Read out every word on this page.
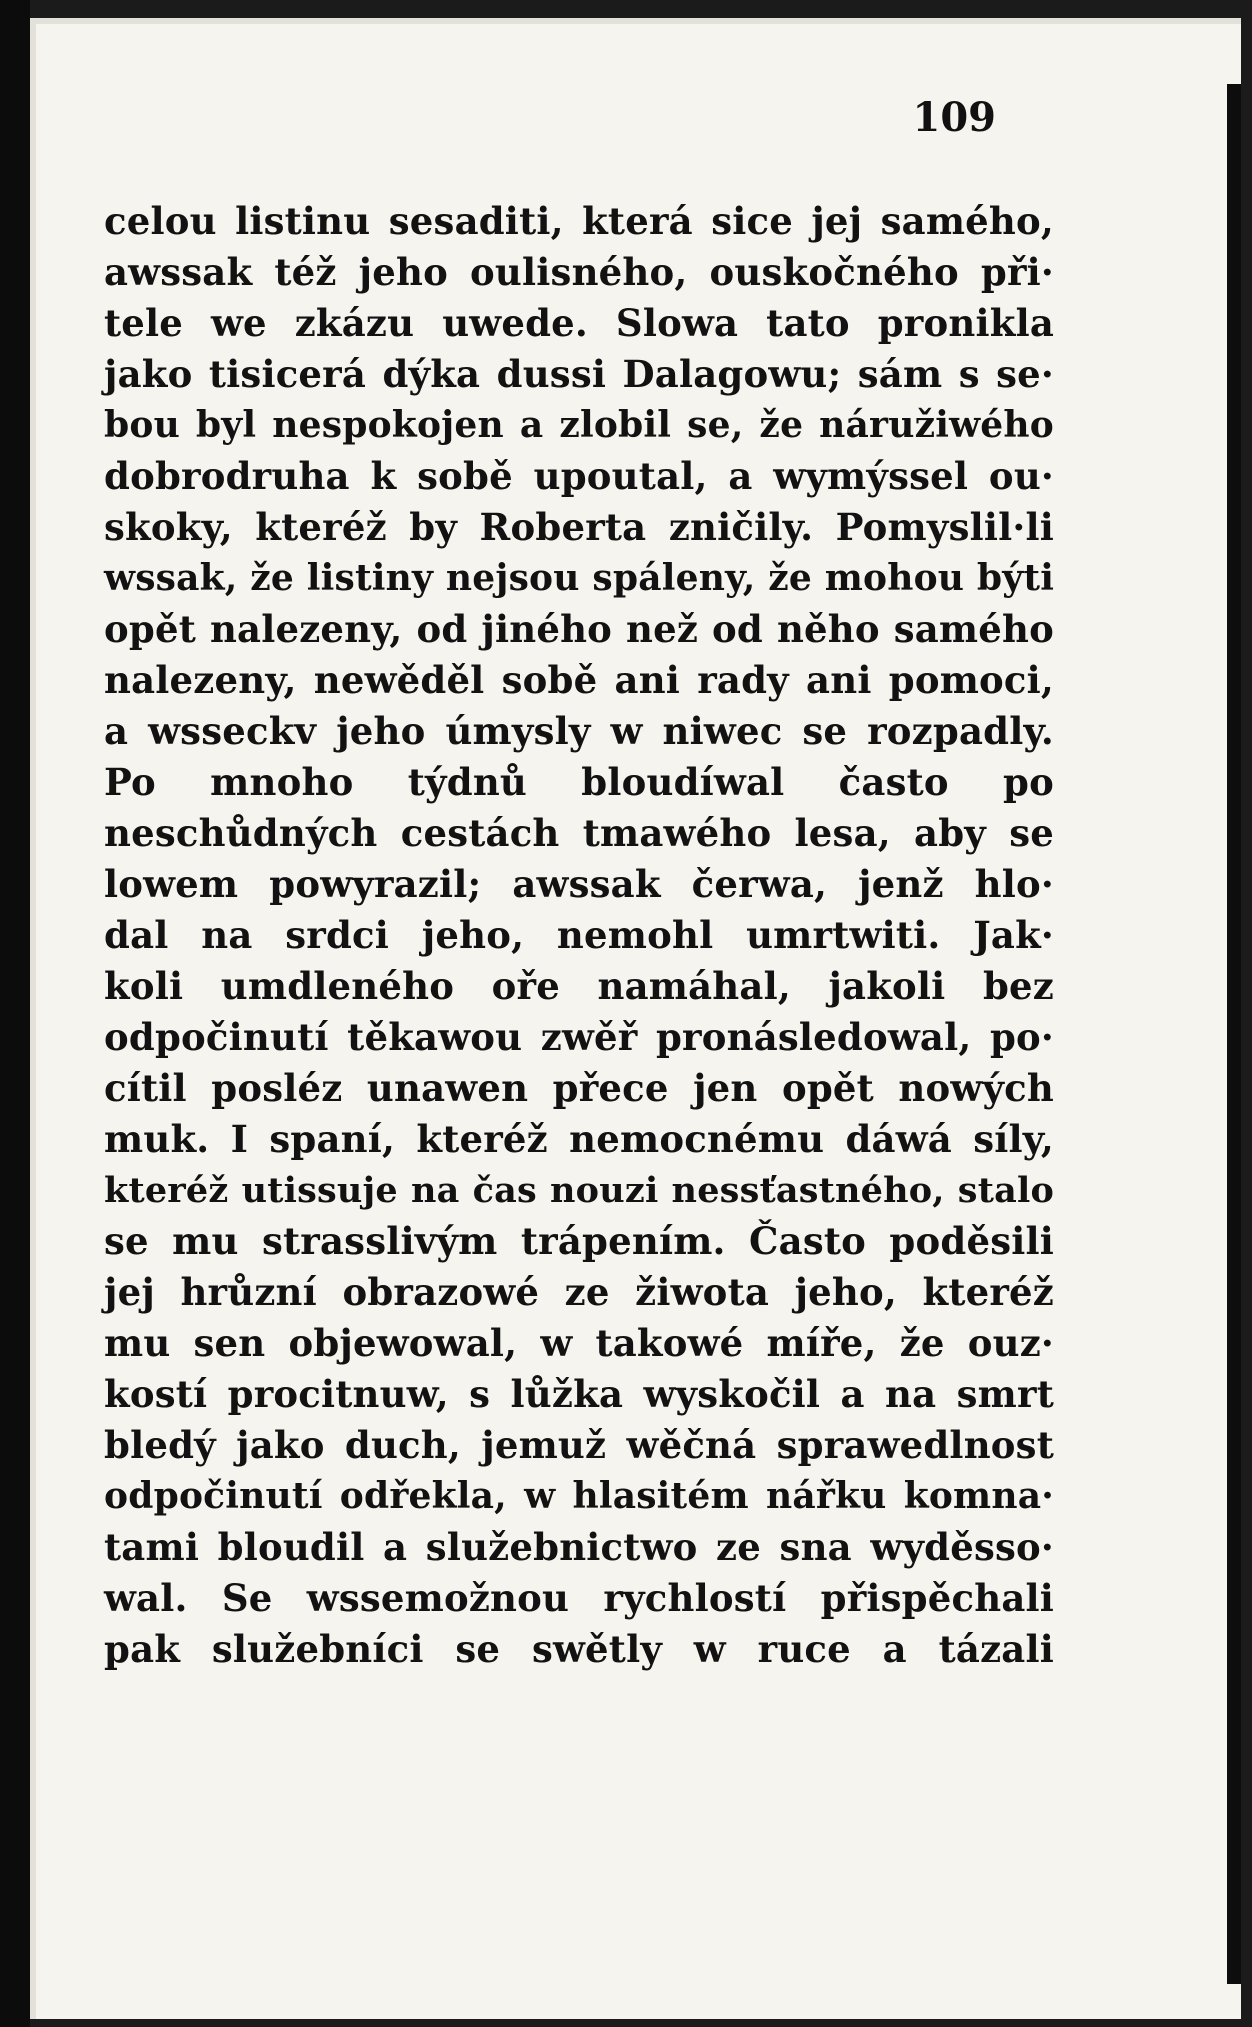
109
celou listinu sesaditi, která sice jej samého,
awssak též jeho oulisného, ouskočného při·
tele we zkázu uwede. Slowa tato pronikla
jako tisicerá dýka dussi Dalagowu; sám s se·
bou byl nespokojen a zlobil se, že náružiwého
dobrodruha k sobě upoutal, a wymýssel ou·
skoky, kteréž by Roberta zničily. Pomyslil·li
wssak, že listiny nejsou spáleny, že mohou býti
opět nalezeny, od jiného než od něho samého
nalezeny, newěděl sobě ani rady ani pomoci,
a wsseckv jeho úmysly w niwec se rozpadly.
Po mnoho týdnů bloudíwal často po
neschůdných cestách tmawého lesa, aby se
lowem powyrazil; awssak čerwa, jenž hlo·
dal na srdci jeho, nemohl umrtwiti. Jak·
koli umdleného oře namáhal, jakoli bez
odpočinutí těkawou zwěř pronásledowal, po·
cítil posléz unawen přece jen opět nowých
muk. I spaní, kteréž nemocnému dáwá síly,
kteréž utissuje na čas nouzi nessťastného, stalo
se mu strasslivým trápením. Často poděsili
jej hrůzní obrazowé ze žiwota jeho, kteréž
mu sen objewowal, w takowé míře, že ouz·
kostí procitnuw, s lůžka wyskočil a na smrt
bledý jako duch, jemuž wěčná sprawedlnost
odpočinutí odřekla, w hlasitém nářku komna·
tami bloudil a služebnictwo ze sna wyděsso·
wal. Se wssemožnou rychlostí přispěchali
pak služebníci se swětly w ruce a tázali
